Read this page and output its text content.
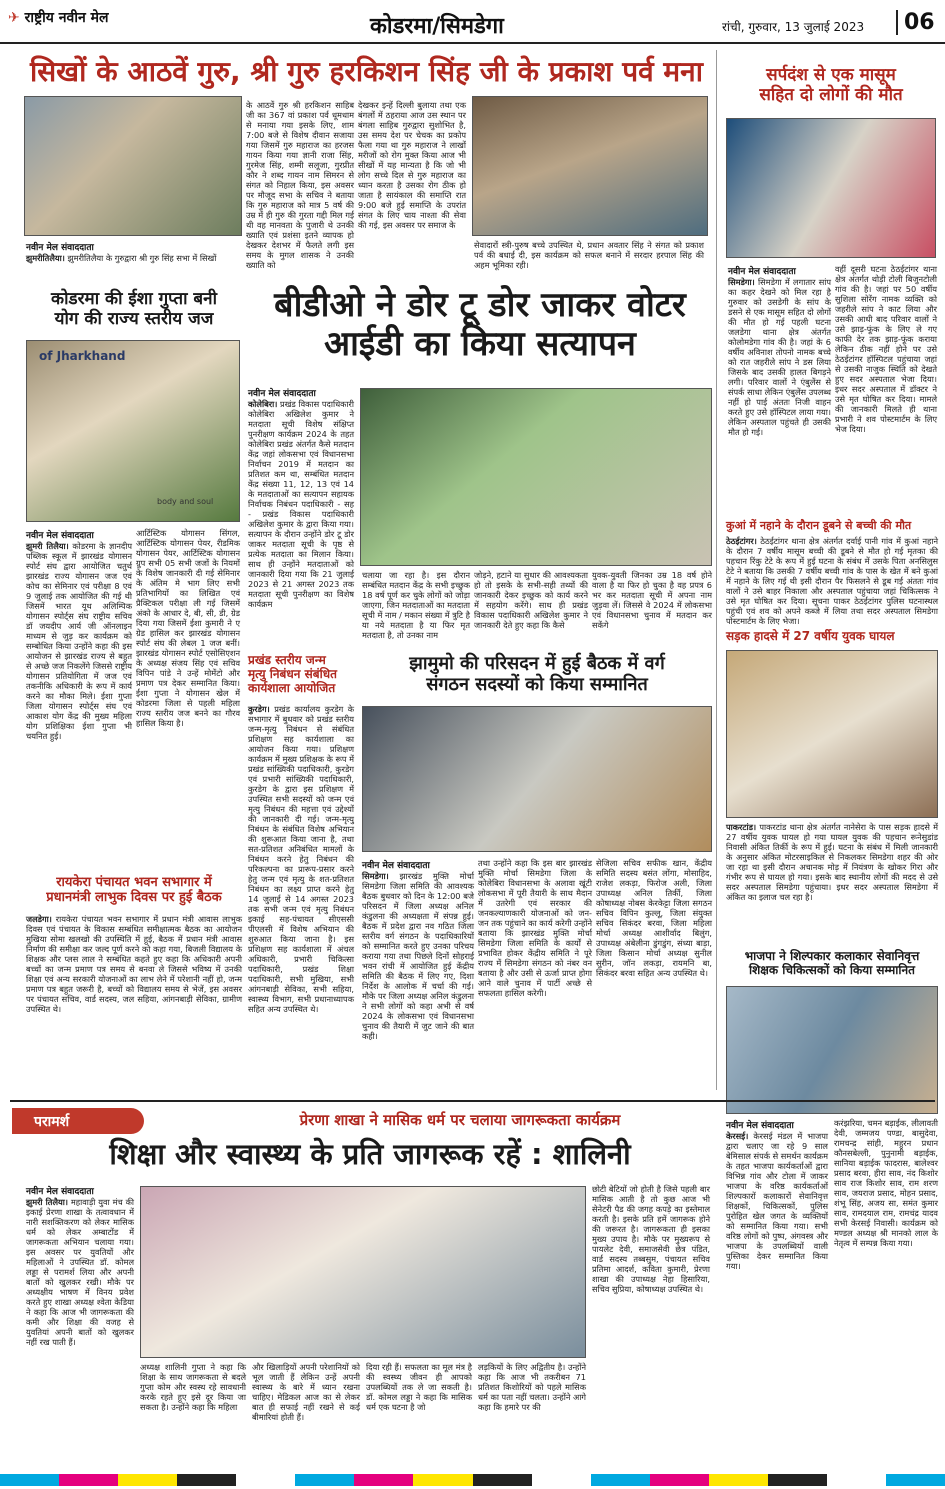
✈ राष्ट्रीय नवीन मेल	कोडरमा/सिमडेगा	रांची, गुरुवार, 13 जुलाई 2023	06
सिखों के आठवें गुरु, श्री गुरु हरकिशन सिंह जी के प्रकाश पर्व मना
नवीन मेल संवाददाता
झुमरीतिलैया। झुमरीतिलैया के गुरुद्वारा श्री गुरु सिंह सभा में सिखों
के आठवें गुरु श्री हरकिशन साहिब जी का 367 वां प्रकाश पर्व धूमधाम से मनाया गया इसके लिए, शाम 7:00 बजे से विशेष दीवान सजाया गया जिसमें गुरु महाराज का हरजस गायन किया गया ज्ञानी राजा सिंह, गुरमेज सिंह, शम्मी सलूजा, गुरप्रीत कौर ने शब्द गायन नाम सिमरन से संगत को निहाल किया, इस अवसर पर मौजूद सभा के सचिव ने बताया कि गुरु महाराज को मात्र 5 वर्ष की उम्र में ही गुरु की गुरता गद्दी मिल गई थी वह मानवता के पुजारी थे उनकी ख्याति एवं प्रशंसा इतने व्यापक हो देखकर देशभर में फैलते लगी इस समय के मुगल शासक ने उनकी ख्याति को
देखकर इन्हें दिल्ली बुलाया तथा एक बंगलों में ठहराया आज उस स्थान पर बंगला साहिब गुरुद्वारा सुशोभित है, उस समय देश पर चेचक का प्रकोप फैला गया था गुरु महाराज ने लाखों मरीजों को रोग मुक्त किया आज भी सीखों में यह मान्यता है कि जो भी लोग सच्चे दिल से गुरु महाराज का ध्यान करता है उसका रोग ठीक हो जाता है सायंकाल की समाप्ति रात 9:00 बजे हुई समाप्ति के उपरांत संगत के लिए चाय नाश्ता की सेवा की गई, इस अवसर पर समाज के
सेवादारों स्त्री-पुरुष बच्चे उपस्थित थे, प्रधान अवतार सिंह ने संगत को प्रकाश पर्व की बधाई दी, इस कार्यक्रम को सफल बनाने में सरदार हरपाल सिंह की अहम भूमिका रही।
सर्पदंश से एक मासूम
सहित दो लोगों की मौत
नवीन मेल संवाददाता
सिमडेगा। सिमडेगा में लगातार सांप का कहर देखने को मिल रहा है गुरुवार को उसडेगी के सांप के डसने से एक मासूम सहित दो लोगों की मौत हो गई पहली घटना जलडेगा थाना क्षेत्र अंतर्गत कोलोमडेगा गांव की है। जहां के 6 वर्षीय अविनाश तोपनो नामक बच्चे को रात जहरीले सांप ने डस लिया जिसके बाद उसकी हालत बिगड़ने लगी। परिवार वालों ने एंबुलेंस से संपर्क साधा लेकिन एंबुलेंस उपलब्ध नहीं हो पाई अंततः निजी वाहन करते हुए उसे हॉस्पिटल लाया गया। लेकिन अस्पताल पहुंचते ही उसकी मौत हो गई।
वहीं दूसरी घटना ठेठईटांगर थाना क्षेत्र अंतर्गत थोड़ी टोली बिजुनटोली गांव की है। जहां पर 50 वर्षीय सुशिला सोरेंग नामक व्यक्ति को जहरीले सांप ने काट लिया और उसकी आधी बाद परिवार वालों ने उसे झाड़-फूंक के लिए ले गए काफी देर तक झाड़-फूंक कराया लेकिन ठीक नहीं होने पर उसे ठेठईटांगर हॉस्पिटल पहुंचाया जहां से उसकी नाजुक स्थिति को देखते हुए सदर अस्पताल भेजा दिया। इधर सदर अस्पताल में डॉक्टर ने उसे मृत घोषित कर दिया। मामले की जानकारी मिलते ही थाना प्रभारी ने शव पोस्टमार्टम के लिए भेज दिया।
कोडरमा की ईशा गुप्ता बनी
योग की राज्य स्तरीय जज
of Jharkhand
body and soul
नवीन मेल संवाददाता
झुमरी तिलैया। कोडरमा के ज्ञानदीप पब्लिक स्कूल में झारखंड योगासन स्पोर्ट संघ द्वारा आयोजित चतुर्थ झारखंड राज्य योगासन जज एवं कोच का सेमिनार एवं परीक्षा 8 एवं 9 जुलाई तक आयोजित की गई थी जिसमें भारत यूथ अलिम्पिक योगासन स्पोर्ट्स संघ राष्ट्रीय सचिव डॉ जयदीप आर्य जी ऑनलाइन माध्यम से जुड़ कर कार्यक्रम को सम्बोधित किया उन्होंने कहा की इस आयोजन से झारखंड राज्य से बहुत से अच्छे जज निकलेंगे जिससे राष्ट्रीय योगासन प्रतियोगिता में जज एवं तकनीकि अधिकारी के रूप में कार्य करने का मौका मिले। ईशा गुप्ता जिला योगासन स्पोर्ट्स संघ एवं आकाश योग केंद्र की मुख्य महिला योग प्रशिक्षिका ईशा गुप्ता भी चयनित हुई।
आर्टिस्टिक योगासन सिंगल, आर्टिस्टिक योगासन पेयर, रीडमिक योगासन पेयर, आर्टिस्टिक योगासन ग्रुप सभी 05 सभी जजों के नियमों के विशेष जानकारी दी गई सेमिनार के अंतिम मे भाग लिए सभी प्रतिभागियों का लिखित एवं प्रैक्टिकल परीक्षा ली गई जिसमें अंको के आधार दे, बी, सी, डी, ग्रेड दिया गया जिसमें ईशा कुमारी ने ए ग्रेड हासिल कर झारखंड योगासन स्पोर्ट संघ की लेबल 1 जज बनीं। झारखंड योगासन स्पोर्ट एसोसिएशन के अध्यक्ष संजय सिंह एवं सचिव विपिन पांडे ने उन्हें मोमेंटो और प्रमाण पत्र देकर सम्मानित किया। ईशा गुप्ता ने योगासन खेल में कोडरमा जिला से पहली महिला राज्य स्तरीय जज बनने का गौरव हासिल किया है।
बीडीओ ने डोर टू डोर जाकर वोटर
आईडी का किया सत्यापन
नवीन मेल संवाददाता
कोलेबिरा। प्रखंड विकास पदाधिकारी कोलेबिरा अखिलेश कुमार ने मतदाता सूची विशेष संक्षिप्त पुनरीक्षण कार्यक्रम 2024 के तहत कोलेबिरा प्रखंड अंतर्गत कैसे मतदान केंद्र जहां लोकसभा एवं विधानसभा निर्वाचन 2019 में मतदान का प्रतिशत कम था, सम्बंधित मतदान केंद्र संख्या 11, 12, 13 एवं 14 के मतदाताओं का सत्यापन सहायक निर्वाचक निबंधन पदाधिकारी - सह - प्रखंड विकास पदाधिकारी अखिलेश कुमार के द्वारा किया गया। सत्यापन के दौरान उन्होंने डोर टू डोर जाकर मतदाता सूची के पृष्ठ से प्रत्येक मतदाता का मिलान किया। साथ ही उन्होंने मतदाताओं को जानकारी दिया गया कि 21 जुलाई 2023 से 21 अगस्त 2023 तक मतदाता सूची पुनरीक्षण का विशेष कार्यक्रम
चलाया जा रहा है। इस दौरान सम्बंधित मतदान केंद्र के सभी इच्छुक 18 वर्ष पूर्ण कर चुके लोगों को जोड़ा जाएगा, जिन मतदाताओं का मतदाता सूची में नाम / मकान संख्या में त्रुटि है या नये मतदाता है या फिर मृत मतदाता है, तो उनका नाम
जोड़ने, हटाने या सुधार की आवश्यकता हो तो इसके के सभी-सही तथ्यों की जानकारी देकर इच्छुक को कार्य करने में सहयोग करेंगे। साथ ही प्रखंड विकास पदाधिकारी अखिलेश कुमार ने जानकारी देते हुए कहा कि कैसे
युवक-युवती जिनका उम्र 18 वर्ष होने वाला है या फिर हो चुका है वह प्रपत्र 6 भर कर मतदाता सूची में अपना नाम जुड़वा लें। जिससे वे 2024 में लोकसभा एवं विधानसभा चुनाव में मतदान कर सकेंगे
प्रखंड स्तरीय जन्म
मृत्यु निबंधन संबंधित
कार्यशाला आयोजित
कुरडेग। प्रखंड कार्यालय कुरडेग के सभागार में बुधवार को प्रखंड स्तरीय जन्म-मृत्यु निबंधन से संबंधित प्रशिक्षण सह कार्यशाला का आयोजन किया गया। प्रशिक्षण कार्यक्रम में मुख्य प्रशिक्षक के रूप में प्रखंड सांख्यिकी पदाधिकारी, कुरडेग एवं प्रभारी सांख्यिकी पदाधिकारी, कुरडेग के द्वारा इस प्रशिक्षण में उपस्थित सभी सदस्यों को जन्म एवं मृत्यु निबंधन की महत्ता एवं उद्देश्यों की जानकारी दी गई। जन्म-मृत्यु निबंधन के संबंधित विशेष अभियान की शुरूआत किया जाना है, तथा सत-प्रतिशत अनिबंधित मामलों के निबंधन करने हेतु निबंधन की परिकल्पना का प्रारूप-प्रसार करने हेतु जन्म एवं मृत्यु के शत-प्रतिशत निबंधन का लक्ष्य प्राप्त करने हेतु 14 जुलाई से 14 अगस्त 2023 तक सभी जन्म एवं मृत्यु निबंधन इकाई सह-पंचायत सीएससी पीएलसी में विशेष अभियान की शुरुआत किया जाना है। इस प्रशिक्षण सह कार्यशाला में अंचल अधिकारी, प्रभारी चिकित्सा पदाधिकारी, प्रखंड शिक्षा पदाधिकारी, सभी मुखिया, सभी आंगनबाड़ी सेविका, सभी सहिया, स्वास्थ्य विभाग, सभी प्रधानाध्यापक सहित अन्य उपस्थित थे।
झामुमो की परिसदन में हुई बैठक में वर्ग
संगठन सदस्यों को किया सम्मानित
नवीन मेल संवाददाता
सिमडेगा। झारखंड मुक्ति मोर्चा सिमडेगा जिला समिति की आवश्यक बैठक बुधवार को दिन के 12:00 बजे परिसदन में जिला अध्यक्ष अनिल कंडुलना की अध्यक्षता में संपन्न हुई। बैठक में प्रदेश द्वारा नव गठित जिला स्तरीय वर्ग संगठन के पदाधिकारियों को सम्मानित करते हुए उनका परिचय कराया गया तथा पिछले दिनों सोहराई भवन रांची में आयोजित हुई केंद्रीय समिति की बैठक में लिए गए, दिशा निर्देश के आलोक में चर्चा की गई। मौके पर जिला अध्यक्ष अनिल कंडुलना ने सभी लोगों को कहा अभी से वर्ष 2024 के लोकसभा एवं विधानसभा चुनाव की तैयारी में जुट जाने की बात कही।
तथा उन्होंने कहा कि इस बार झारखंड मुक्ति मोर्चा सिमडेगा जिला के कोलेबिरा विधानसभा के अलावा खूंटी लोकसभा में पूरी तैयारी के साथ मैदान में उतरेगी एवं सरकार की जनकल्याणकारी योजनाओं को जन-जन तक पहुंचाने का कार्य करेगी उन्होंने बताया कि झारखंड मुक्ति मोर्चा सिमडेगा जिला समिति के कार्यों से प्रभावित होकर केंद्रीय समिति ने पूरे राज्य में सिमडेगा संगठन को नंबर वन बताया है और उसी से ऊर्जा प्राप्त होगा आने वाले चुनाव में पार्टी अच्छे से सफलता हासिल करेगी।
सेजिला सचिव सफीक खान, केंद्रीय समिति सदस्य बसंत लोंगा, मोसाहिद, राजेश लकड़ा, फिरोज अली, जिला उपाध्यक्ष अनिल तिर्की, जिला कोषाध्यक्ष नोबस केरकेट्टा जिला सगठन सचिव विपिन कुल्लू, जिला संयुक्त सचिव सिकंदर बरवा, जिला महिला मोर्चा अध्यक्ष आशीर्वाद बिलुंग, उपाध्यक्ष अंबेलीना डुंगडुंग, संध्या बाड़ा, जिला किसान मोर्चा अध्यक्ष सुनील सुरीन, जॉन लकड़ा, रायमनि बा, सिकंदर बरवा सहित अन्य उपस्थित थे।
रायकेरा पंचायत भवन सभागार में
प्रधानमंत्री लाभुक दिवस पर हुई बैठक
जलडेगा। रायकेरा पंचायत भवन सभागार में प्रधान मंत्री आवास लाभुक दिवस एवं पंचायत के विकास सम्बंधित समीक्षात्मक बैठक का आयोजन मुखिया सोमा खलखो की उपस्थिति में हुई, बैठक में प्रधान मंत्री आवास निर्माण की समीक्षा कर जल्द पूर्ण करने को कहा गया, बिजली विद्यालय के शिक्षक और प्लस लाल ने सम्बंधित कहते हुए कहा कि अधिकारी अपनी बच्चों का जन्म प्रमाण पत्र समय से बनवा ले जिससे भविष्य में उनकी शिक्षा एवं अन्य सरकारी योजनाओं का लाभ लेने में परेशानी नहीं हो, जन्म प्रमाण पत्र बहुत जरूरी है, बच्चों को विद्यालय समय से भेजें, इस अवसर पर पंचायत सचिव, वार्ड सदस्य, जल सहिया, आंगनबाड़ी सेविका, ग्रामीण उपस्थित थे।
कुआं में नहाने के दौरान डूबने से बच्ची की मौत
ठेठईटांगर। ठेठईटांगर थाना क्षेत्र अंतर्गत दर्वाई पानी गांव में कुआं नहाने के दौरान 7 वर्षीय मासूम बच्ची की डूबने से मौत हो गई मृतका की पहचान रिंकु टेटे के रूप में हुई घटना के संबंध में उसके पिता अनसिलुस टेटे ने बताया कि उसकी 7 वर्षीय बच्ची गांव के पास के खेत में बने कुआं में नहाने के लिए गई थी इसी दौरान पैर फिसलने से डूब गई अंततः गांव वालों ने उसे बाहर निकाला और अस्पताल पहुंचाया जहां चिकित्सक ने उसे मृत घोषित कर दिया। सूचना पाकर ठेठईटांगर पुलिस घटनास्थल पहुंची एवं शव को अपने कब्जे में लिया तथा सदर अस्पताल सिमडेगा पोस्टमार्टम के लिए भेजा।
सड़क हादसे में 27 वर्षीय युवक घायल
पाकरटांड। पाकरटांड थाना क्षेत्र अंतर्गत नानेसेरा के पास सड़क हादसे में 27 वर्षीय युवक घायल हो गया घायल युवक की पहचान रूनेसुडांड निवासी अंकित तिर्की के रूप में हुई। घटना के संबंध में मिली जानकारी के अनुसार अंकित मोटरसाइकिल से निकलकर सिमडेगा शहर की ओर जा रहा था इसी दौरान अचानक मोड़ में नियंत्रण के खोकर गिरा और गंभीर रूप से घायल हो गया। इसके बाद स्थानीय लोगों की मदद से उसे सदर अस्पताल सिमडेगा पहुंचाया। इधर सदर अस्पताल सिमडेगा में अंकित का इलाज चल रहा है।
भाजपा ने शिल्पकार कलाकार सेवानिवृत्त
शिक्षक चिकित्सकों को किया सम्मानित
परामर्श	प्रेरणा शाखा ने मासिक धर्म पर चलाया जागरूकता कार्यक्रम
शिक्षा और स्वास्थ्य के प्रति जागरूक रहें : शालिनी
नवीन मेल संवाददाता
झुमरी तिलैया। महावाड़ी युवा मंच की इकाई प्रेरणा शाखा के तत्वावधान में नारी सशक्तिकरण को लेकर मासिक धर्म को लेकर अम्बाटोंड में जागरूकता अभियान चलाया गया। इस अवसर पर युवतियों और महिलाओं ने उपस्थित डॉ. कोमल लड्डा से परामर्श लिया और अपनी बातों को खुलकर रखी। मौके पर अध्यक्षीय भाषण में विनय प्रवेश करते हुए शाखा अध्यक्ष श्वेता केडिया ने कहा कि आज भी जागरूकता की कमी और शिक्षा की वजह से युवतियां अपनी बातों को खुलकर नहीं रख पाती हैं।
अध्यक्ष शालिनी गुप्ता ने कहा कि शिक्षा के साथ जागरूकता से बदले गुप्ता कोम और स्वस्थ रहे सावधानी करके रहते हुए इसे दूर किया जा सकता है। उन्होंने कहा कि महिला
और खिलाड़ियों अपनी परेशानियों को भूल जाती हैं लेकिन उन्हें अपनी स्वास्थ्य के बारे में ध्यान रखना चाहिए। मेडिकल आज का से लेकर बात ही सफाई नहीं रखने से कई बीमारियां होती हैं।
दिया रही हैं। सफलता का मूल मंत्र है की स्वस्थ्य जीवन ही आपको उपलब्धियों तक ले जा सकती है। डॉ. कोमल लड्डा ने कहा कि मासिक धर्म एक घटना है जो
लड़कियों के लिए अद्वितीय है। उन्होंने कहा कि आज भी तकरीबन 71 प्रतिशत किशोरियों को पहले मासिक धर्म का पता नहीं चलता। उन्होंने आगे कहा कि हमारे पर की
छोटी बेटियों जो होती है जिसे पहली बार मासिक आती है तो कुछ आज भी सेनेटरी पैड की जगह कपड़े का इस्तेमाल करती है। इसके प्रति हमें जागरूक होने की जरूरत है। जागरूकता ही इसका मुख्य उपाय है। मौके पर मुख्यरूप से पायलेट देवी, समाजसेवी छेत्र पंडित, वार्ड सदस्य तब्बसुम, पंचायत सचिव प्रतिमा आदर्श, कविता कुमारी, प्रेरणा शाखा की उपाध्यक्ष नेहा हिसारिया, सचिव सुप्रिया, कोषाध्यक्ष उपस्थित थे।
नवीन मेल संवाददाता
केरसई। केरसई मंडल में भाजपा द्वारा चलाए जा रहे 9 साल बेमिसाल संपर्क से समर्थन कार्यक्रम के तहत भाजपा कार्यकर्ताओं द्वारा विभिन्न गांव और टोला में जाकर भाजपा के वरिष्ठ कार्यकर्ताओं शिल्पकारों कलाकारों सेवानिवृत्त शिक्षकों, चिकित्सकों, पुलिस पुरोहित खेल जगत के व्यक्तियों को सम्मानित किया गया। सभी वरिष्ठ लोगों को पुष्प, अंगवस्त्र और भाजपा के उपलब्धियों वाली पुस्तिका देकर सम्मानित किया गया।
करंझरिया, चमन बड़ाईक, लीलावती देवी, जम्मजय पण्डा, बासुदेवा, रामचन्द्र सांही, महुरन प्रधान कौनसबेल्ली, पुनुनामी बड़ाईक, सानिया बड़ाईक फादरास, बालेश्वर प्रसाद बरवा, हीरा साव, नंद किशोर साव राज किशोर साव, राम शरण साव, जयराज प्रसाद, मोहन प्रसाद, शंभू सिंह, अजय सा, समंत कुमार साव, रामदयाल राम, रामचंद्र यादव सभी केरसई निवासी। कार्यक्रम को मण्डल अध्यक्ष श्री मानको लाल के नेतृत्व में सम्पन्न किया गया।
